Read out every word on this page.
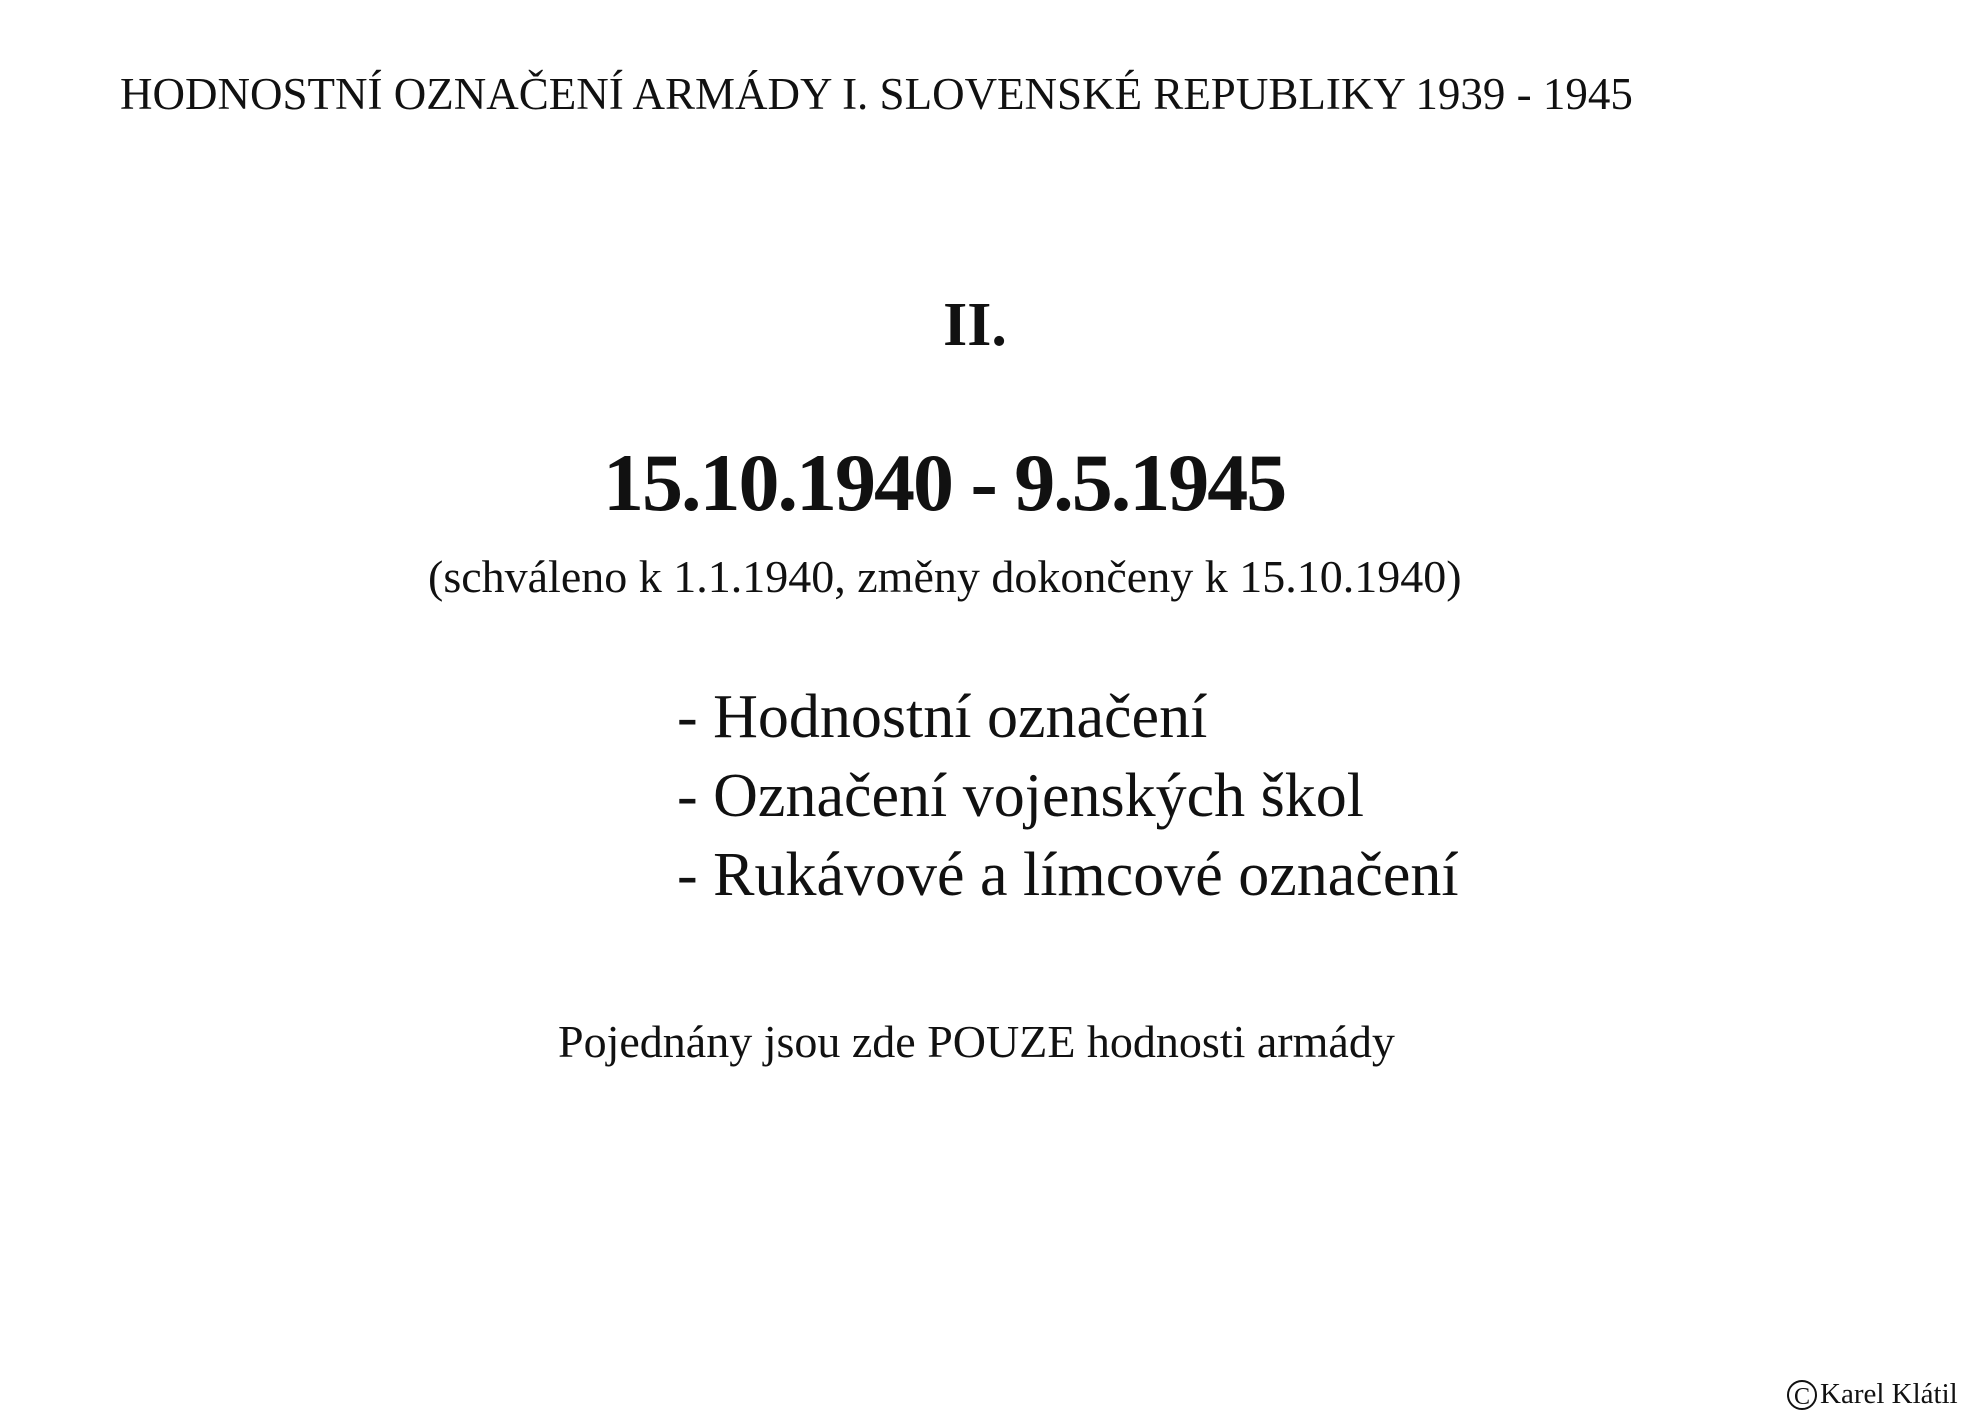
HODNOSTNÍ OZNAČENÍ ARMÁDY I. SLOVENSKÉ REPUBLIKY 1939 - 1945
II.
15.10.1940 - 9.5.1945
(schváleno k 1.1.1940, změny dokončeny k 15.10.1940)
- Hodnostní označení
- Označení vojenských škol
- Rukávové a límcové označení
Pojednány jsou zde POUZE hodnosti armády
C Karel Klátil
